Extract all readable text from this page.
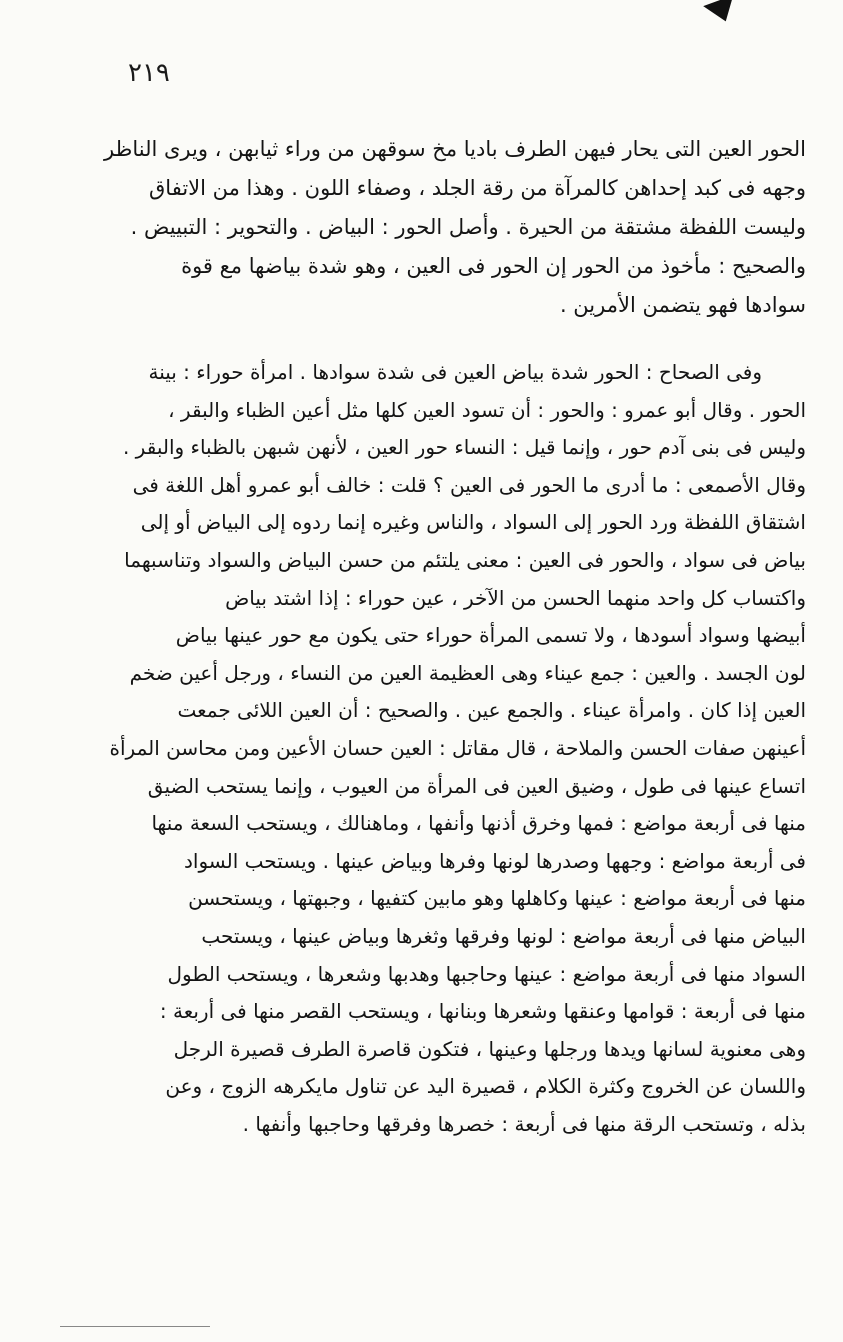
٢١٩
الحور العين التى يحار فيهن الطرف باديا مخ سوقهن من وراء ثيابهن ، ويرى الناظر
وجهه فى كبد إحداهن كالمرآة من رقة الجلد ، وصفاء اللون . وهذا من الاتفاق
وليست اللفظة مشتقة من الحيرة . وأصل الحور : البياض . والتحوير : التبييض .
والصحيح : مأخوذ من الحور إن الحور فى العين ، وهو شدة بياضها مع قوة
سوادها فهو يتضمن الأمرين .
وفى الصحاح : الحور شدة بياض العين فى شدة سوادها . امرأة حوراء : بينة
الحور . وقال أبو عمرو : والحور : أن تسود العين كلها مثل أعين الظباء والبقر ،
وليس فى بنى آدم حور ، وإنما قيل : النساء حور العين ، لأنهن شبهن بالظباء والبقر .
وقال الأصمعى : ما أدرى ما الحور فى العين ؟ قلت : خالف أبو عمرو أهل اللغة فى
اشتقاق اللفظة ورد الحور إلى السواد ، والناس وغيره إنما ردوه إلى البياض أو إلى
بياض فى سواد ، والحور فى العين : معنى يلتئم من حسن البياض والسواد وتناسبهما
واكتساب كل واحد منهما الحسن من الآخر ، عين حوراء : إذا اشتد بياض
أبيضها وسواد أسودها ، ولا تسمى المرأة حوراء حتى يكون مع حور عينها بياض
لون الجسد . والعين : جمع عيناء وهى العظيمة العين من النساء ، ورجل أعين ضخم
العين إذا كان . وامرأة عيناء . والجمع عين . والصحيح : أن العين اللائى جمعت
أعينهن صفات الحسن والملاحة ، قال مقاتل : العين حسان الأعين ومن محاسن المرأة
اتساع عينها فى طول ، وضيق العين فى المرأة من العيوب ، وإنما يستحب الضيق
منها فى أربعة مواضع : فمها وخرق أذنها وأنفها ، وماهنالك ، ويستحب السعة منها
فى أربعة مواضع : وجهها وصدرها لونها وفرها وبياض عينها . ويستحب السواد
منها فى أربعة مواضع : عينها وكاهلها وهو مابين كتفيها ، وجبهتها ، ويستحسن
البياض منها فى أربعة مواضع : لونها وفرقها وثغرها وبياض عينها ، ويستحب
السواد منها فى أربعة مواضع : عينها وحاجبها وهدبها وشعرها ، ويستحب الطول
منها فى أربعة : قوامها وعنقها وشعرها وبنانها ، ويستحب القصر منها فى أربعة :
وهى معنوية لسانها ويدها ورجلها وعينها ، فتكون قاصرة الطرف قصيرة الرجل
واللسان عن الخروج وكثرة الكلام ، قصيرة اليد عن تناول مايكرهه الزوج ، وعن
بذله ، وتستحب الرقة منها فى أربعة : خصرها وفرقها وحاجبها وأنفها .
